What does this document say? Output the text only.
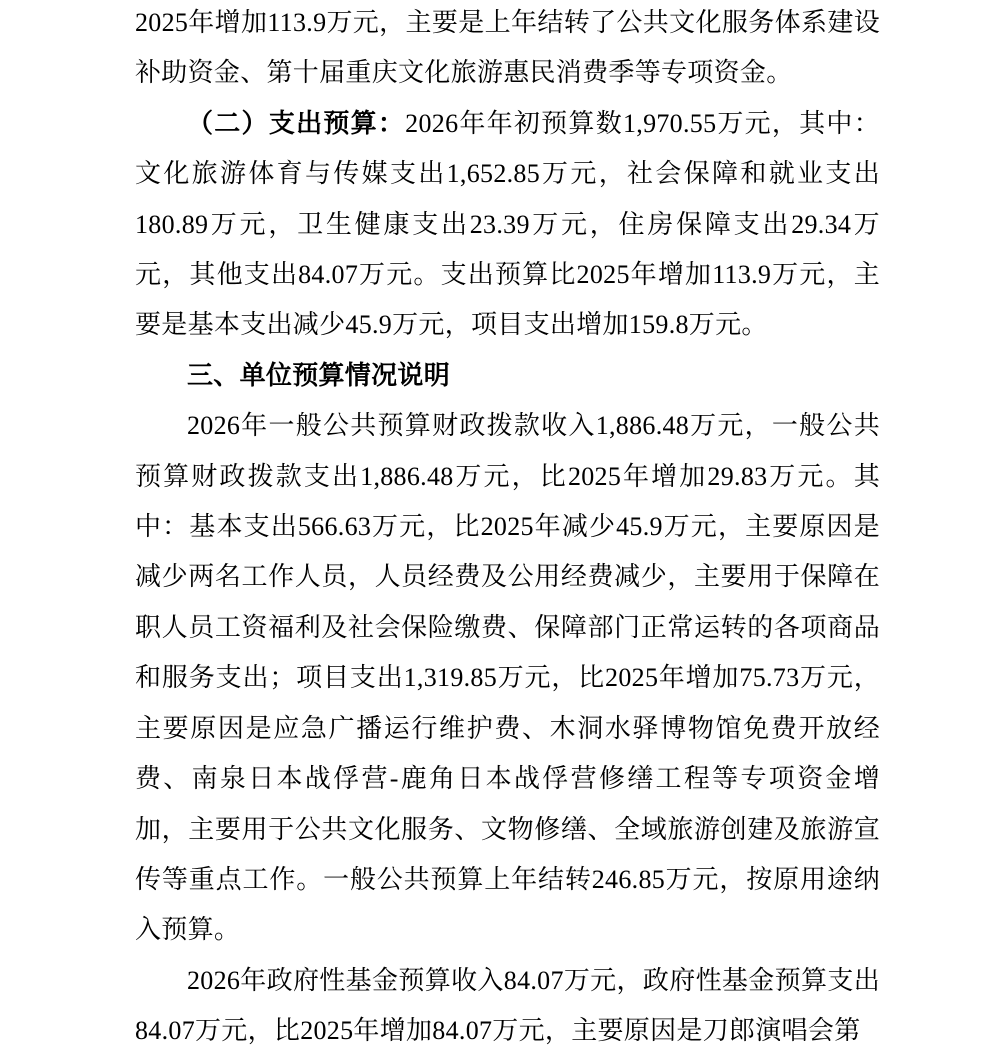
2025年增加113.9万元，主要是上年结转了公共文化服务体系建设补助资金、第十届重庆文化旅游惠民消费季等专项资金。

（二）支出预算：2026年年初预算数1,970.55万元，其中：文化旅游体育与传媒支出1,652.85万元，社会保障和就业支出180.89万元，卫生健康支出23.39万元，住房保障支出29.34万元，其他支出84.07万元。支出预算比2025年增加113.9万元，主要是基本支出减少45.9万元，项目支出增加159.8万元。

三、单位预算情况说明

2026年一般公共预算财政拨款收入1,886.48万元，一般公共预算财政拨款支出1,886.48万元，比2025年增加29.83万元。其中：基本支出566.63万元，比2025年减少45.9万元，主要原因是减少两名工作人员，人员经费及公用经费减少，主要用于保障在职人员工资福利及社会保险缴费、保障部门正常运转的各项商品和服务支出；项目支出1,319.85万元，比2025年增加75.73万元，主要原因是应急广播运行维护费、木洞水驿博物馆免费开放经费、南泉日本战俘营-鹿角日本战俘营修缮工程等专项资金增加，主要用于公共文化服务、文物修缮、全域旅游创建及旅游宣传等重点工作。一般公共预算上年结转246.85万元，按原用途纳入预算。

2026年政府性基金预算收入84.07万元，政府性基金预算支出84.07万元，比2025年增加84.07万元，主要原因是刀郎演唱会第
